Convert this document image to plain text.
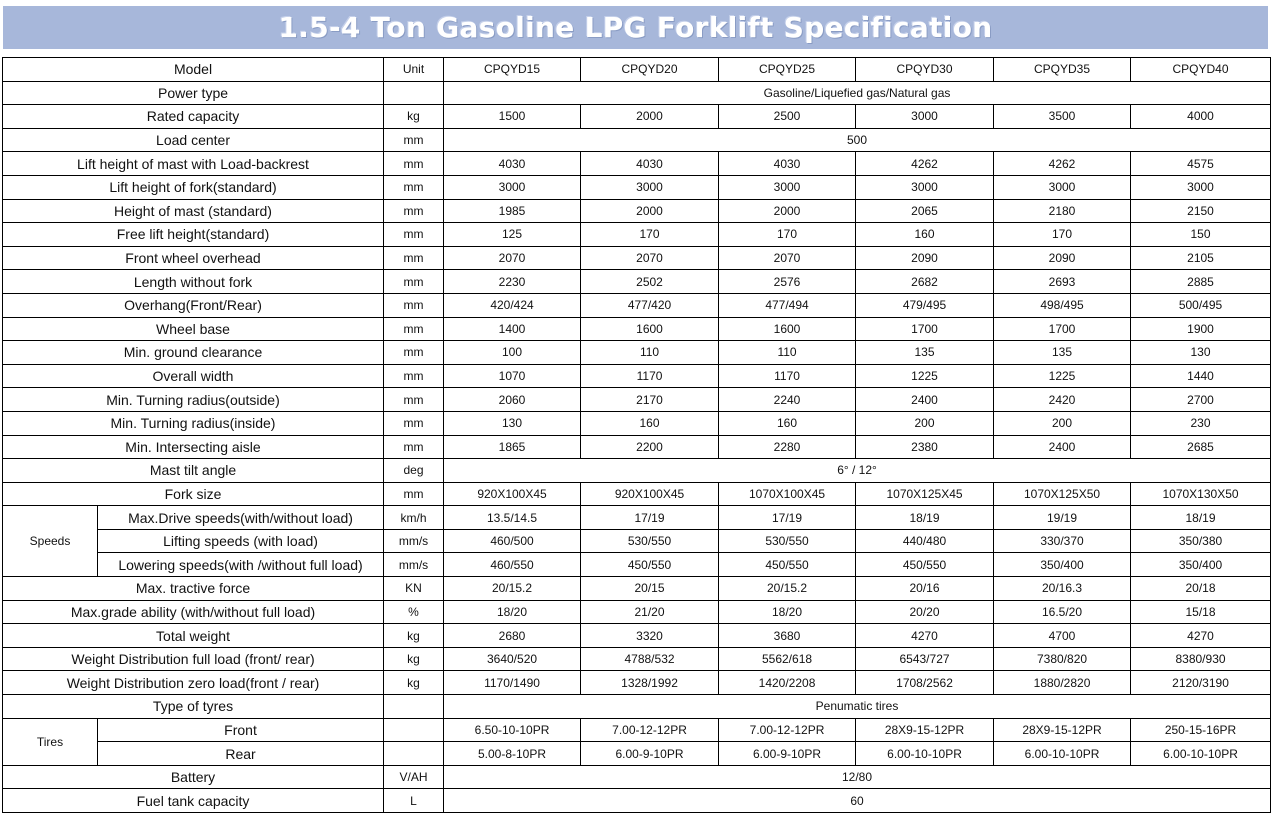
1.5-4 Ton Gasoline LPG Forklift Specification
Model		Unit	CPQYD15	CPQYD20	CPQYD25	CPQYD30	CPQYD35	CPQYD40
Power type			Gasoline/Liquefied gas/Natural gas					
Rated capacity		kg	1500	2000	2500	3000	3500	4000
Load center		mm	500					
Lift height of mast with Load-backrest		mm	4030	4030	4030	4262	4262	4575
Lift height of fork(standard)		mm	3000	3000	3000	3000	3000	3000
Height of mast (standard)		mm	1985	2000	2000	2065	2180	2150
Free lift height(standard)		mm	125	170	170	160	170	150
Front wheel overhead		mm	2070	2070	2070	2090	2090	2105
Length without fork		mm	2230	2502	2576	2682	2693	2885
Overhang(Front/Rear)		mm	420/424	477/420	477/494	479/495	498/495	500/495
Wheel base		mm	1400	1600	1600	1700	1700	1900
Min. ground clearance		mm	100	110	110	135	135	130
Overall width		mm	1070	1170	1170	1225	1225	1440
Min. Turning radius(outside)		mm	2060	2170	2240	2400	2420	2700
Min. Turning radius(inside)		mm	130	160	160	200	200	230
Min. Intersecting aisle		mm	1865	2200	2280	2380	2400	2685
Mast tilt angle		deg	6° / 12°					
Fork size		mm	920X100X45	920X100X45	1070X100X45	1070X125X45	1070X125X50	1070X130X50
Speeds	Max.Drive speeds(with/without load)	km/h	13.5/14.5	17/19	17/19	18/19	19/19	18/19
	Lifting speeds (with load)	mm/s	460/500	530/550	530/550	440/480	330/370	350/380
	Lowering speeds(with /without full load)	mm/s	460/550	450/550	450/550	450/550	350/400	350/400
Max. tractive force		KN	20/15.2	20/15	20/15.2	20/16	20/16.3	20/18
Max.grade ability (with/without full load)		%	18/20	21/20	18/20	20/20	16.5/20	15/18
Total weight		kg	2680	3320	3680	4270	4700	4270
Weight Distribution full load (front/ rear)		kg	3640/520	4788/532	5562/618	6543/727	7380/820	8380/930
Weight Distribution zero load(front / rear)		kg	1170/1490	1328/1992	1420/2208	1708/2562	1880/2820	2120/3190
Type of tyres			Penumatic tires					
Tires	Front		6.50-10-10PR	7.00-12-12PR	7.00-12-12PR	28X9-15-12PR	28X9-15-12PR	250-15-16PR
	Rear		5.00-8-10PR	6.00-9-10PR	6.00-9-10PR	6.00-10-10PR	6.00-10-10PR	6.00-10-10PR
Battery		V/AH	12/80					
Fuel tank capacity		L	60					
